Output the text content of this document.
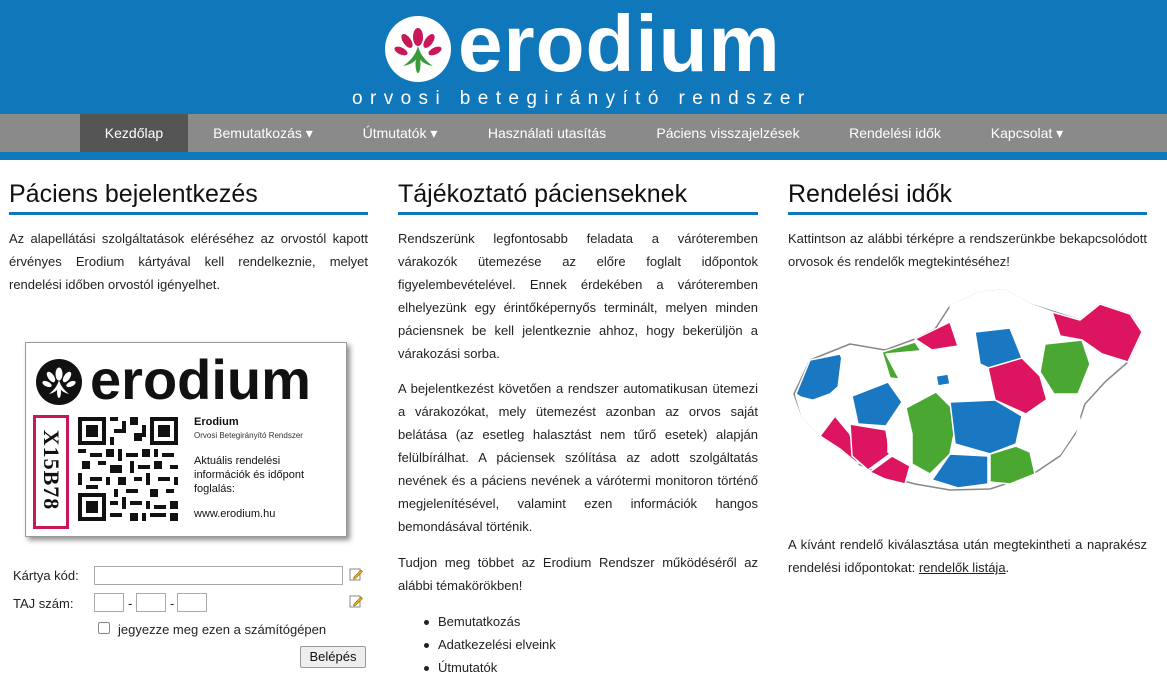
erodium
orvosi betegirányító rendszer
Kezdőlap	Bemutatkozás ▾	Útmutatók ▾	Használati utasítás	Páciens visszajelzések	Rendelési idők	Kapcsolat ▾
Páciens bejelentkezés
Az alapellátási szolgáltatások eléréséhez az orvostól kapott érvényes Erodium kártyával kell rendelkeznie, melyet rendelési időben orvostól igényelhet.
erodium
X15B78
Erodium
Orvosi Betegirányító Rendszer
Aktuális rendelési információk és időpont foglalás:
www.erodium.hu
Kártya kód:
TAJ szám:	-	-
jegyezze meg ezen a számítógépen
Belépés
Tájékoztató pácienseknek
Rendszerünk legfontosabb feladata a váróteremben várakozók ütemezése az előre foglalt időpontok figyelembevételével. Ennek érdekében a váróteremben elhelyezünk egy érintőképernyős terminált, melyen minden páciensnek be kell jelentkeznie ahhoz, hogy bekerüljön a várakozási sorba.
A bejelentkezést követően a rendszer automatikusan ütemezi a várakozókat, mely ütemezést azonban az orvos saját belátása (az esetleg halasztást nem tűrő esetek) alapján felülbírálhat. A páciensek szólítása az adott szolgáltatás nevének és a páciens nevének a várótermi monitoron történő megjelenítésével, valamint ezen információk hangos bemondásával történik.
Tudjon meg többet az Erodium Rendszer működéséről az alábbi témakörökben!
Bemutatkozás
Adatkezelési elveink
Útmutatók
Rendelési idők
Kattintson az alábbi térképre a rendszerünkbe bekapcsolódott orvosok és rendelők megtekintéséhez!
A kívánt rendelő kiválasztása után megtekintheti a naprakész rendelési időpontokat: rendelők listája.
